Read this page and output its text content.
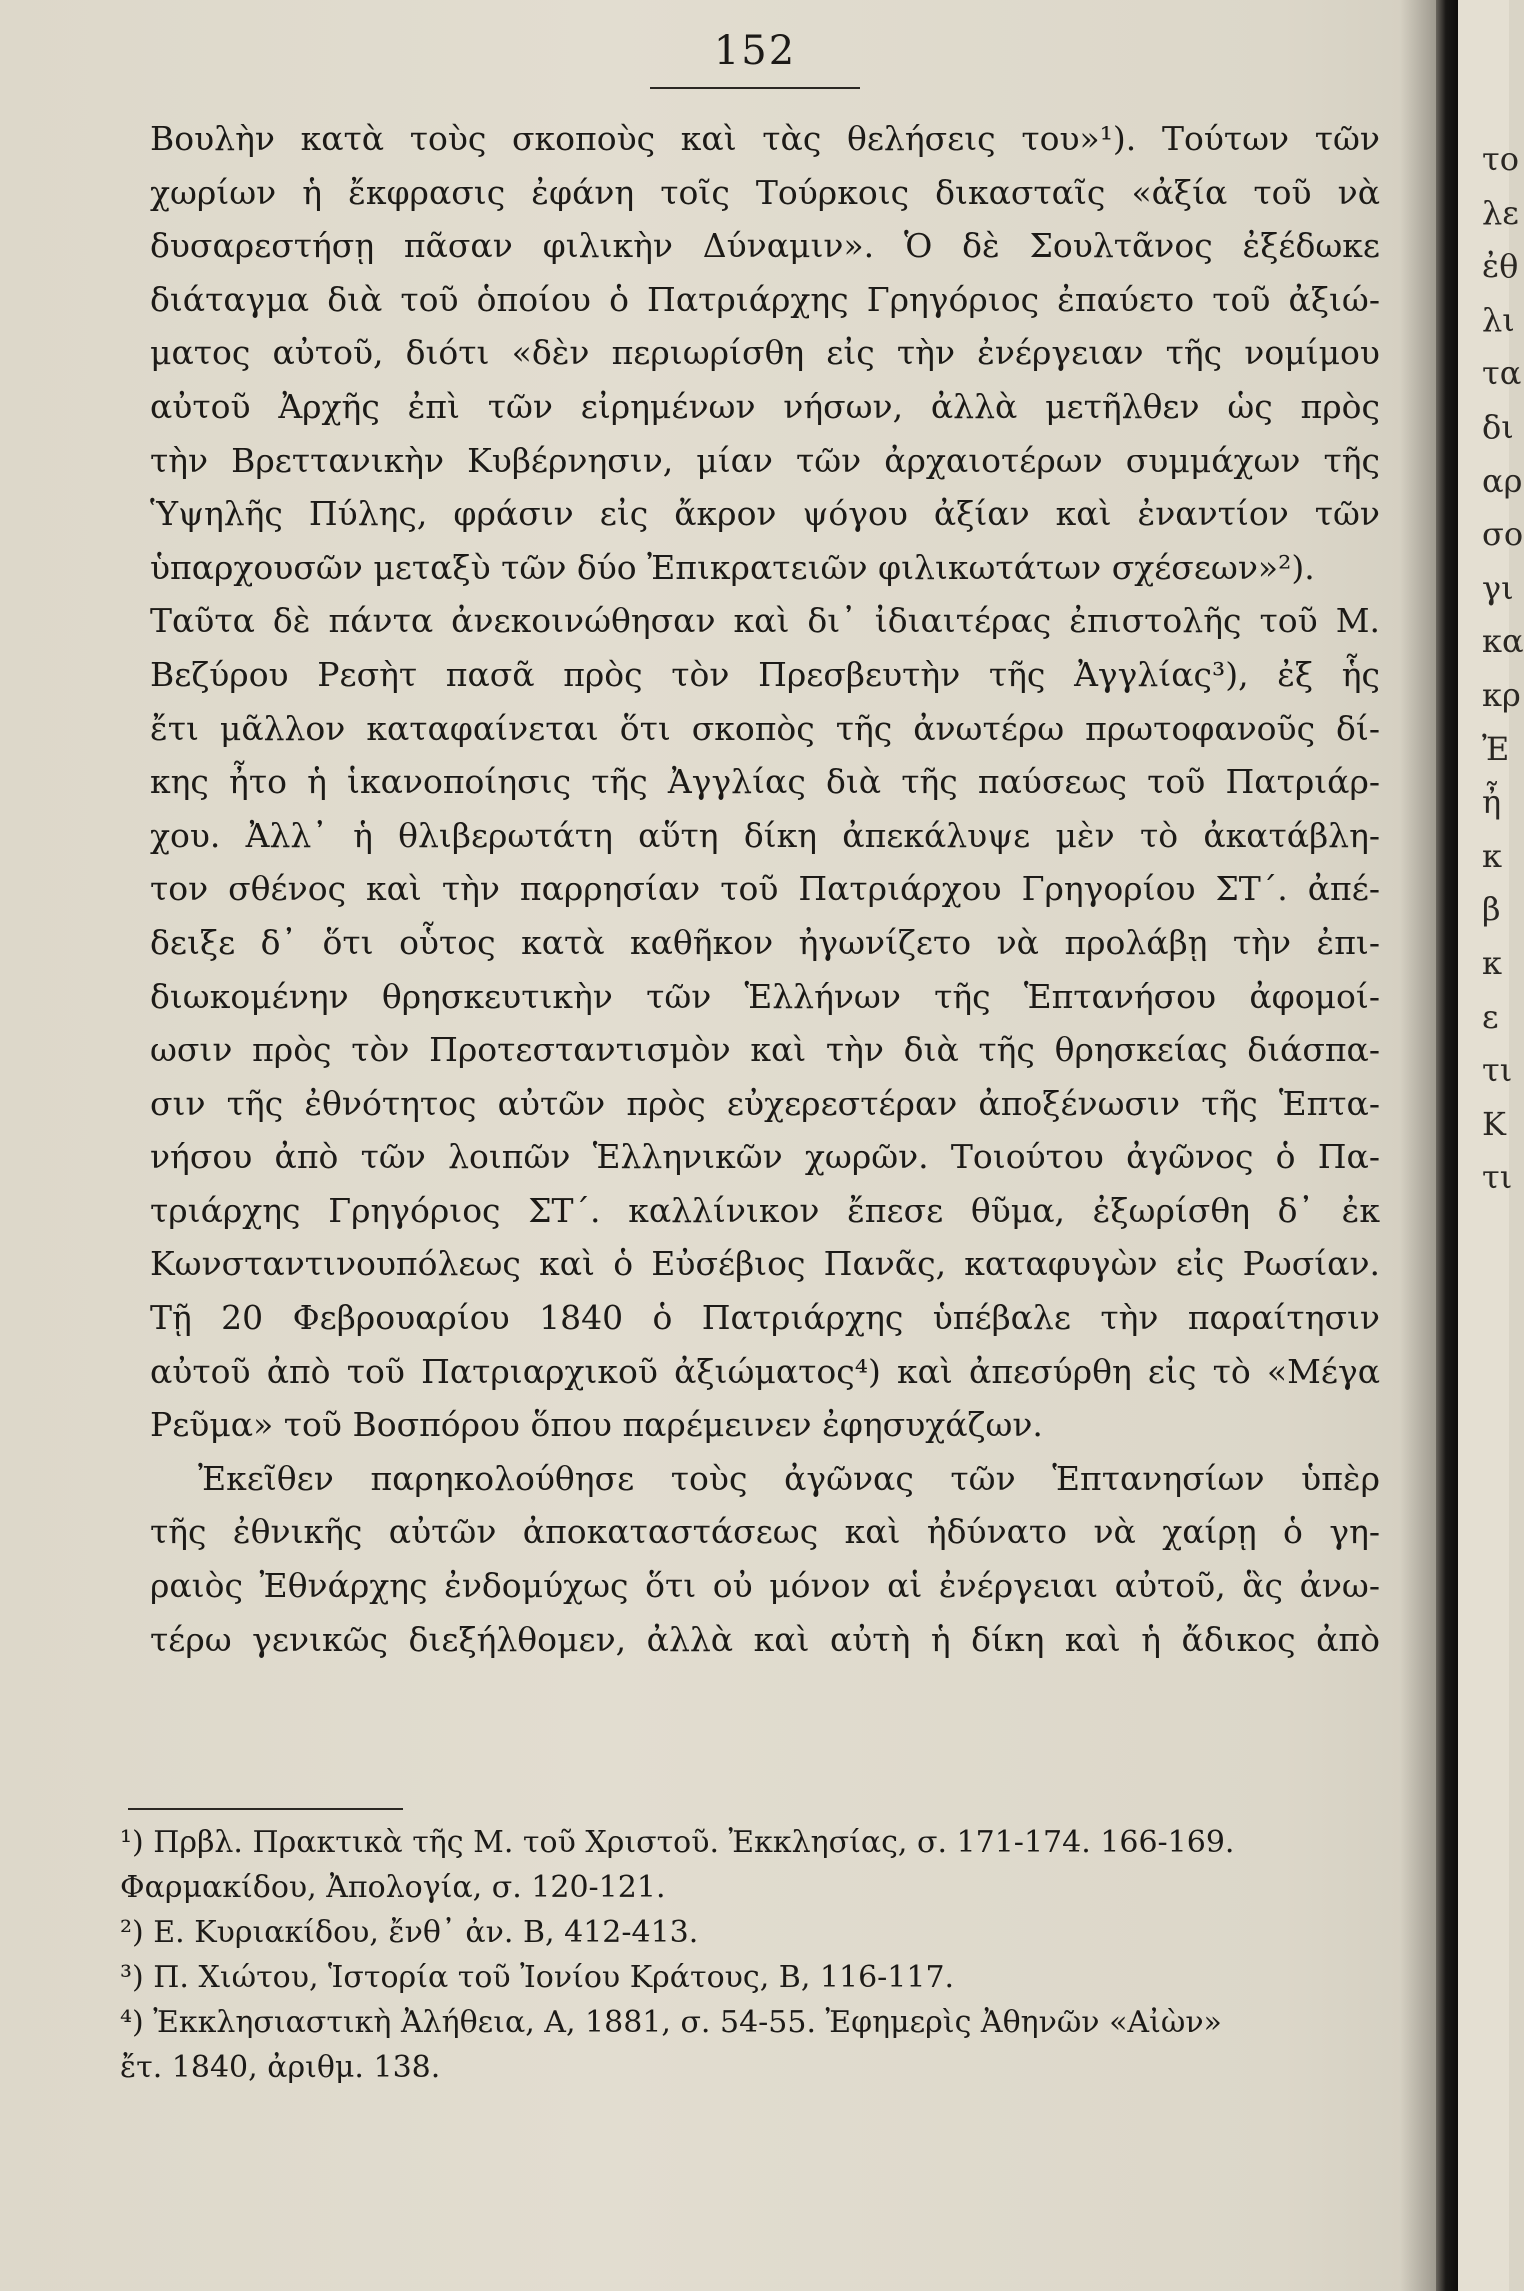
152
Βουλὴν κατὰ τοὺς σκοποὺς καὶ τὰς θελήσεις του»¹). Τούτων τῶν
χωρίων ἡ ἔκφρασις ἐφάνη τοῖς Τούρκοις δικασταῖς «ἀξία τοῦ νὰ
δυσαρεστήσῃ πᾶσαν φιλικὴν Δύναμιν». Ὁ δὲ Σουλτᾶνος ἐξέδωκε
διάταγμα διὰ τοῦ ὁποίου ὁ Πατριάρχης Γρηγόριος ἐπαύετο τοῦ ἀξιώ-
ματος αὐτοῦ, διότι «δὲν περιωρίσθη εἰς τὴν ἐνέργειαν τῆς νομίμου
αὐτοῦ Ἀρχῆς ἐπὶ τῶν εἰρημένων νήσων, ἀλλὰ μετῆλθεν ὡς πρὸς
τὴν Βρεττανικὴν Κυβέρνησιν, μίαν τῶν ἀρχαιοτέρων συμμάχων τῆς
Ὑψηλῆς Πύλης, φράσιν εἰς ἄκρον ψόγου ἀξίαν καὶ ἐναντίον τῶν
ὑπαρχουσῶν μεταξὺ τῶν δύο Ἐπικρατειῶν φιλικωτάτων σχέσεων»²).
Ταῦτα δὲ πάντα ἀνεκοινώθησαν καὶ δι᾿ ἰδιαιτέρας ἐπιστολῆς τοῦ Μ.
Βεζύρου Ρεσὴτ πασᾶ πρὸς τὸν Πρεσβευτὴν τῆς Ἀγγλίας³), ἐξ ἧς
ἔτι μᾶλλον καταφαίνεται ὅτι σκοπὸς τῆς ἀνωτέρω πρωτοφανοῦς δί-
κης ἦτο ἡ ἱκανοποίησις τῆς Ἀγγλίας διὰ τῆς παύσεως τοῦ Πατριάρ-
χου. Ἀλλ᾿ ἡ θλιβερωτάτη αὕτη δίκη ἀπεκάλυψε μὲν τὸ ἀκατάβλη-
τον σθένος καὶ τὴν παρρησίαν τοῦ Πατριάρχου Γρηγορίου ΣΤ΄. ἀπέ-
δειξε δ᾿ ὅτι οὗτος κατὰ καθῆκον ἠγωνίζετο νὰ προλάβῃ τὴν ἐπι-
διωκομένην θρησκευτικὴν τῶν Ἑλλήνων τῆς Ἑπτανήσου ἀφομοί-
ωσιν πρὸς τὸν Προτεσταντισμὸν καὶ τὴν διὰ τῆς θρησκείας διάσπα-
σιν τῆς ἐθνότητος αὐτῶν πρὸς εὐχερεστέραν ἀποξένωσιν τῆς Ἑπτα-
νήσου ἀπὸ τῶν λοιπῶν Ἑλληνικῶν χωρῶν. Τοιούτου ἀγῶνος ὁ Πα-
τριάρχης Γρηγόριος ΣΤ΄. καλλίνικον ἔπεσε θῦμα, ἐξωρίσθη δ᾿ ἐκ
Κωνσταντινουπόλεως καὶ ὁ Εὐσέβιος Πανᾶς, καταφυγὼν εἰς Ρωσίαν.
Τῇ 20 Φεβρουαρίου 1840 ὁ Πατριάρχης ὑπέβαλε τὴν παραίτησιν
αὐτοῦ ἀπὸ τοῦ Πατριαρχικοῦ ἀξιώματος⁴) καὶ ἀπεσύρθη εἰς τὸ «Μέγα
Ρεῦμα» τοῦ Βοσπόρου ὅπου παρέμεινεν ἐφησυχάζων.
Ἐκεῖθεν παρηκολούθησε τοὺς ἀγῶνας τῶν Ἑπτανησίων ὑπὲρ
τῆς ἐθνικῆς αὐτῶν ἀποκαταστάσεως καὶ ἠδύνατο νὰ χαίρῃ ὁ γη-
ραιὸς Ἐθνάρχης ἐνδομύχως ὅτι οὐ μόνον αἱ ἐνέργειαι αὐτοῦ, ἃς ἀνω-
τέρω γενικῶς διεξήλθομεν, ἀλλὰ καὶ αὐτὴ ἡ δίκη καὶ ἡ ἄδικος ἀπὸ
¹) Πρβλ. Πρακτικὰ τῆς Μ. τοῦ Χριστοῦ. Ἐκκλησίας, σ. 171-174. 166-169.
Φαρμακίδου, Ἀπολογία, σ. 120-121.
²) Ε. Κυριακίδου, ἔνθ᾿ ἀν. Β, 412-413.
³) Π. Χιώτου, Ἱστορία τοῦ Ἰονίου Κράτους, Β, 116-117.
⁴) Ἐκκλησιαστικὴ Ἀλήθεια, Α, 1881, σ. 54-55. Ἐφημερὶς Ἀθηνῶν «Αἰὼν»
ἔτ. 1840, ἀριθμ. 138.
το
λε
ἐθ
λι
τα
δι
αρ
σο
γι
κα
κρ
Ἐ
ἦ
κ
β
κ
ε
τι
Κ
τι
